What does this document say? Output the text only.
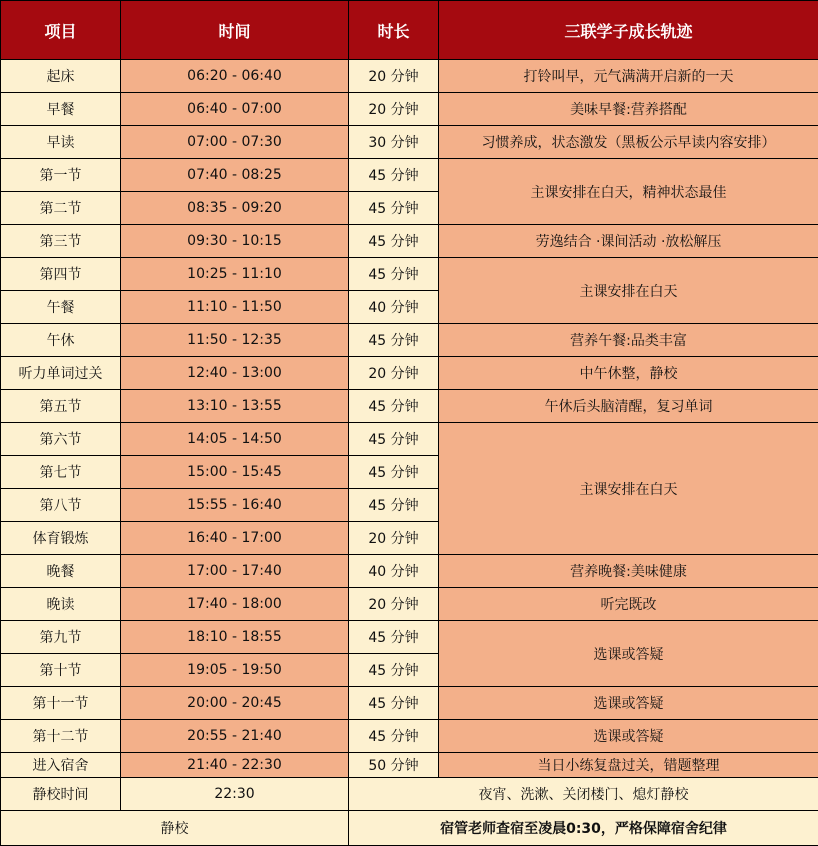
项目	时间	时长	三联学子成长轨迹
起床	06:20 - 06:40	20 分钟	打铃叫早，元气满满开启新的一天
早餐	06:40 - 07:00	20 分钟	美味早餐:营养搭配
早读	07:00 - 07:30	30 分钟	习惯养成，状态激发（黑板公示早读内容安排）
第一节	07:40 - 08:25	45 分钟	主课安排在白天，精神状态最佳
第二节	08:35 - 09:20	45 分钟	
第三节	09:30 - 10:15	45 分钟	劳逸结合 ·课间活动 ·放松解压
第四节	10:25 - 11:10	45 分钟	主课安排在白天
午餐	11:10 - 11:50	40 分钟	
午休	11:50 - 12:35	45 分钟	营养午餐:品类丰富
听力单词过关	12:40 - 13:00	20 分钟	中午休整，静校
第五节	13:10 - 13:55	45 分钟	午休后头脑清醒，复习单词
第六节	14:05 - 14:50	45 分钟	主课安排在白天
第七节	15:00 - 15:45	45 分钟	
第八节	15:55 - 16:40	45 分钟	
体育锻炼	16:40 - 17:00	20 分钟	
晚餐	17:00 - 17:40	40 分钟	营养晚餐:美味健康
晚读	17:40 - 18:00	20 分钟	听完既改
第九节	18:10 - 18:55	45 分钟	选课或答疑
第十节	19:05 - 19:50	45 分钟	
第十一节	20:00 - 20:45	45 分钟	选课或答疑
第十二节	20:55 - 21:40	45 分钟	选课或答疑
进入宿舍	21:40 - 22:30	50 分钟	当日小练复盘过关，错题整理
静校时间	22:30	夜宵、洗漱、关闭楼门、熄灯静校	
静校		宿管老师查宿至凌晨0:30，严格保障宿舍纪律	
